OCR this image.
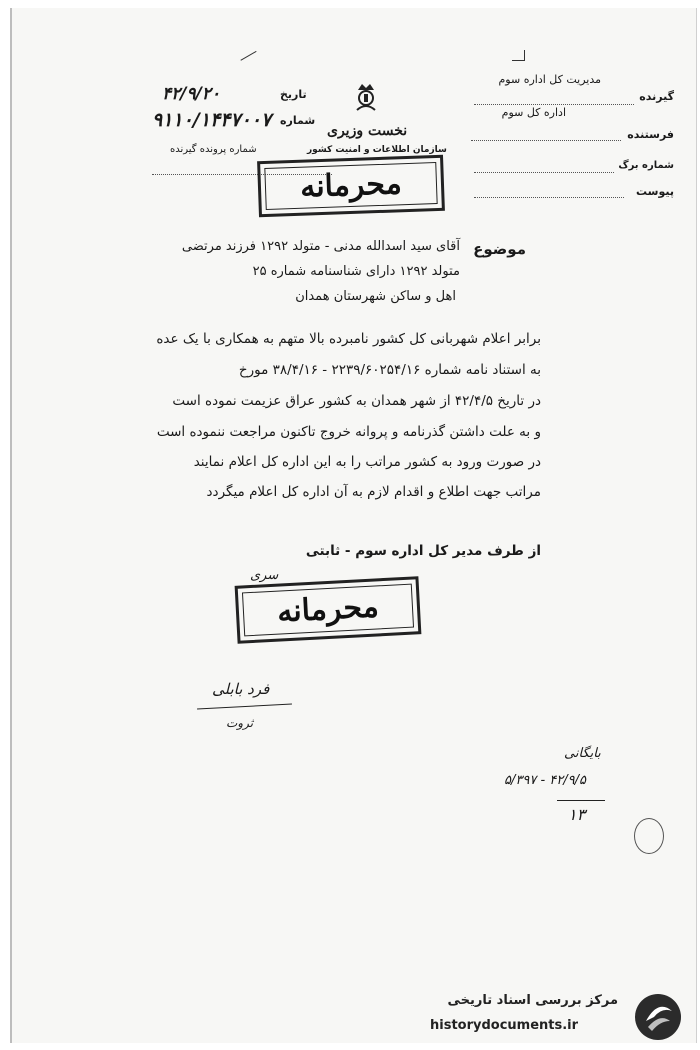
مديريت كل اداره سوم
گیرنده
اداره کل سوم
فرستنده
شماره برگ
پیوست
نخست وزیری
سازمان اطلاعات و امنیت کشور
تاریخ
۴۲/۹/۲۰
شماره
۹۱۱۰/۱۴۴۷۰۰۷
شماره پرونده گیرنده
محرمانه
موضوع
آقای سید اسدالله مدنی - متولد ۱۲۹۲ فرزند مرتضی
متولد ۱۲۹۲ دارای شناسنامه شماره ۲۵
اهل و ساکن شهرستان همدان
برابر اعلام شهربانی کل کشور نامبرده بالا متهم به همکاری با یک عده
به استناد نامه شماره ۲۲۳۹/۶۰۲۵۴/۱۶ - ۳۸/۴/۱۶ مورخ
در تاریخ ۴۲/۴/۵ از شهر همدان به کشور عراق عزیمت نموده است
و به علت داشتن گذرنامه و پروانه خروج تاکنون مراجعت ننموده است
در صورت ورود به کشور مراتب را به این اداره کل اعلام نمایند
مراتب جهت اطلاع و اقدام لازم به آن اداره کل اعلام میگردد
از طرف مدیر کل اداره سوم - ثابتی
سری
محرمانه
فرد بابلی
ثروت
بایگانی
۵/۳۹۷ - ۴۲/۹/۵
۱۳
مرکز بررسی اسناد تاریخی
historydocuments.ir
